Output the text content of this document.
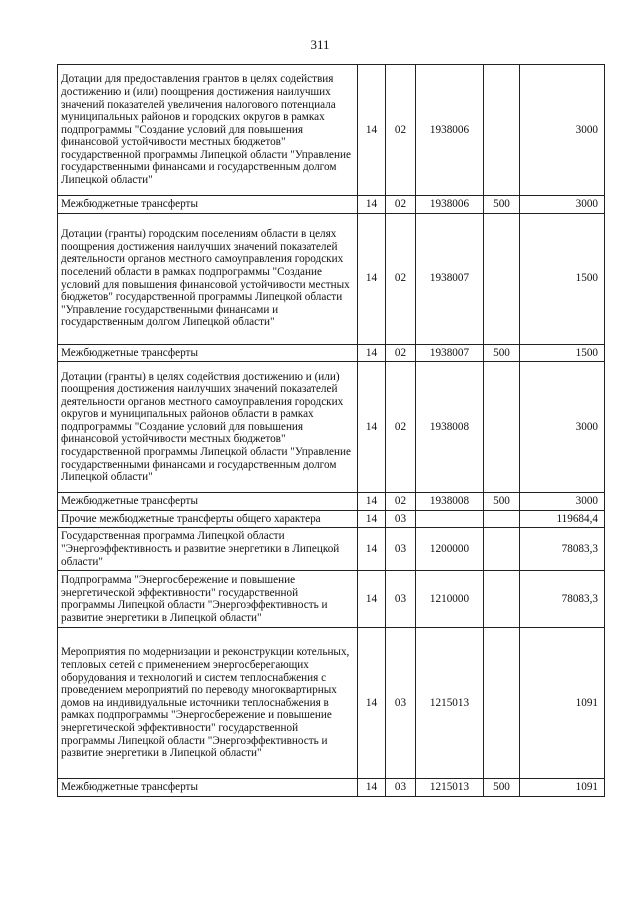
311
Дотации для предоставления грантов в целях содействия достижению и (или) поощрения достижения наилучших значений показателей увеличения налогового потенциала муниципальных районов и городских округов в рамках подпрограммы "Создание условий для повышения финансовой устойчивости местных бюджетов" государственной программы Липецкой области "Управление государственными финансами и государственным долгом Липецкой области"	14	02	1938006		3000
Межбюджетные трансферты	14	02	1938006	500	3000
Дотации (гранты) городским поселениям области в целях поощрения достижения наилучших значений показателей деятельности органов местного самоуправления городских поселений области в рамках подпрограммы "Создание условий для повышения финансовой устойчивости местных бюджетов" государственной программы Липецкой области "Управление государственными финансами и государственным долгом Липецкой области"	14	02	1938007		1500
Межбюджетные трансферты	14	02	1938007	500	1500
Дотации (гранты) в целях содействия достижению и (или) поощрения достижения наилучших значений показателей деятельности органов местного самоуправления городских округов и муниципальных районов области в рамках подпрограммы "Создание условий для повышения финансовой устойчивости местных бюджетов" государственной программы Липецкой области "Управление государственными финансами и государственным долгом Липецкой области"	14	02	1938008		3000
Межбюджетные трансферты	14	02	1938008	500	3000
Прочие межбюджетные трансферты общего характера	14	03			119684,4
Государственная программа Липецкой области "Энергоэффективность и развитие энергетики в Липецкой области"	14	03	1200000		78083,3
Подпрограмма "Энергосбережение и повышение энергетической эффективности" государственной программы Липецкой области "Энергоэффективность и развитие энергетики в Липецкой области"	14	03	1210000		78083,3
Мероприятия по модернизации и реконструкции котельных, тепловых сетей с применением энергосберегающих оборудования и технологий и систем теплоснабжения с проведением мероприятий по переводу многоквартирных домов на индивидуальные источники теплоснабжения в рамках подпрограммы "Энергосбережение и повышение энергетической эффективности" государственной программы Липецкой области "Энергоэффективность и развитие энергетики в Липецкой области"	14	03	1215013		1091
Межбюджетные трансферты	14	03	1215013	500	1091
